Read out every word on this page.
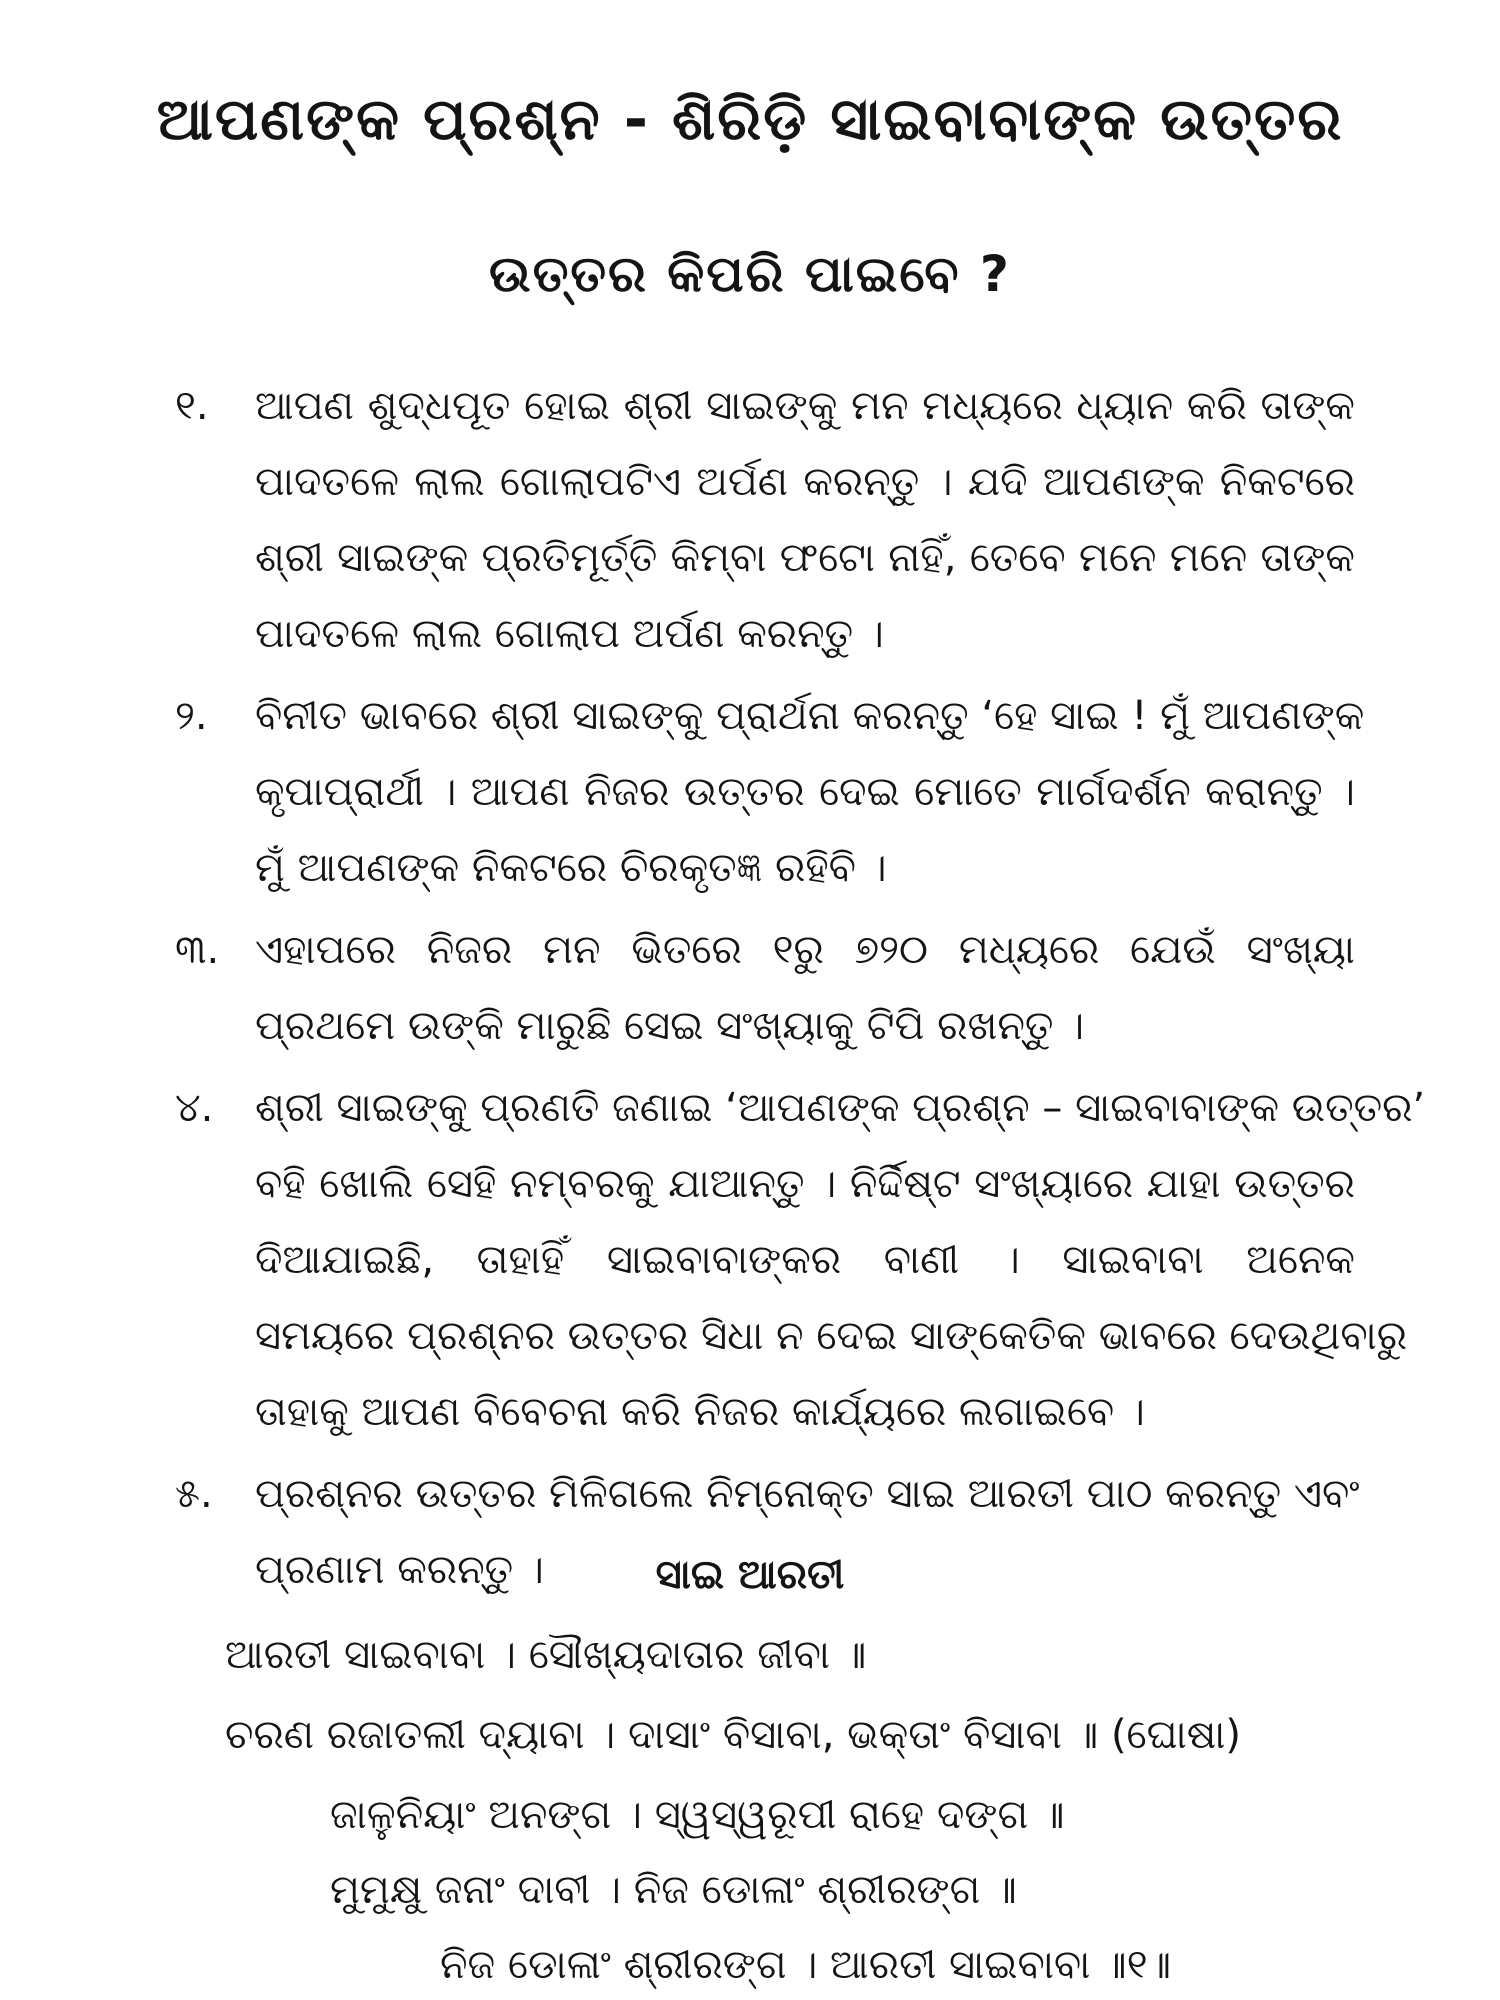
ଆପଣଙ୍କ ପ୍ରଶ୍ନ - ଶିରିଡ଼ି ସାଇବାବାଙ୍କ ଉତ୍ତର
ଉତ୍ତର କିପରି ପାଇବେ ?
୧. ଆପଣ ଶୁଦ୍ଧପୂତ ହୋଇ ଶ୍ରୀ ସାଇଙ୍କୁ ମନ ମଧ୍ୟରେ ଧ୍ୟାନ କରି ତାଙ୍କ
ପାଦତଳେ ଲାଲ ଗୋଲାପଟିଏ ଅର୍ପଣ କରନ୍ତୁ । ଯଦି ଆପଣଙ୍କ ନିକଟରେ
ଶ୍ରୀ ସାଇଙ୍କ ପ୍ରତିମୂର୍ତ୍ତି କିମ୍ବା ଫଟୋ ନାହିଁ, ତେବେ ମନେ ମନେ ତାଙ୍କ
ପାଦତଳେ ଲାଲ ଗୋଲାପ ଅର୍ପଣ କରନ୍ତୁ ।
୨. ବିନୀତ ଭାବରେ ଶ୍ରୀ ସାଇଙ୍କୁ ପ୍ରାର୍ଥନା କରନ୍ତୁ ‘ହେ ସାଇ ! ମୁଁ ଆପଣଙ୍କ
କୃପାପ୍ରାର୍ଥୀ । ଆପଣ ନିଜର ଉତ୍ତର ଦେଇ ମୋତେ ମାର୍ଗଦର୍ଶନ କରାନ୍ତୁ ।
ମୁଁ ଆପଣଙ୍କ ନିକଟରେ ଚିରକୃତଜ୍ଞ ରହିବି ।
୩. ଏହାପରେ ନିଜର ମନ ଭିତରେ ୧ରୁ ୭୨୦ ମଧ୍ୟରେ ଯେଉଁ ସଂଖ୍ୟା
ପ୍ରଥମେ ଉଙ୍କି ମାରୁଛି ସେଇ ସଂଖ୍ୟାକୁ ଟିପି ରଖନ୍ତୁ ।
୪. ଶ୍ରୀ ସାଇଙ୍କୁ ପ୍ରଣତି ଜଣାଇ ‘ଆପଣଙ୍କ ପ୍ରଶ୍ନ – ସାଇବାବାଙ୍କ ଉତ୍ତର’
ବହି ଖୋଲି ସେହି ନମ୍ବରକୁ ଯାଆନ୍ତୁ । ନିର୍ଦ୍ଦିଷ୍ଟ ସଂଖ୍ୟାରେ ଯାହା ଉତ୍ତର
ଦିଆଯାଇଛି, ତାହାହିଁ ସାଇବାବାଙ୍କର ବାଣୀ । ସାଇବାବା ଅନେକ
ସମୟରେ ପ୍ରଶ୍ନର ଉତ୍ତର ସିଧା ନ ଦେଇ ସାଙ୍କେତିକ ଭାବରେ ଦେଉଥିବାରୁ
ତାହାକୁ ଆପଣ ବିବେଚନା କରି ନିଜର କାର୍ଯ୍ୟରେ ଲଗାଇବେ ।
୫. ପ୍ରଶ୍ନର ଉତ୍ତର ମିଳିଗଲେ ନିମ୍ନୋକ୍ତ ସାଇ ଆରତୀ ପାଠ କରନ୍ତୁ ଏବଂ
ପ୍ରଣାମ କରନ୍ତୁ ।	ସାଇ ଆରତୀ
ଆରତୀ ସାଇବାବା । ସୌଖ୍ୟଦାତାର ଜୀବା ॥
ଚରଣ ରଜାତଲୀ ଦ୍ୟାବା । ଦାସାଂ ବିସାବା, ଭକ୍ତାଂ ବିସାବା ॥ (ଘୋଷା)
ଜାଳୁନିୟାଂ ଅନଙ୍ଗ । ସ୍ୱସ୍ୱରୂପୀ ରାହେ ଦଙ୍ଗ ॥
ମୁମୁକ୍ଷୁ ଜନାଂ ଦାବୀ । ନିଜ ଡୋଳାଂ ଶ୍ରୀରଙ୍ଗ ॥
ନିଜ ଡୋଳାଂ ଶ୍ରୀରଙ୍ଗ । ଆରତୀ ସାଇବାବା ॥୧॥
